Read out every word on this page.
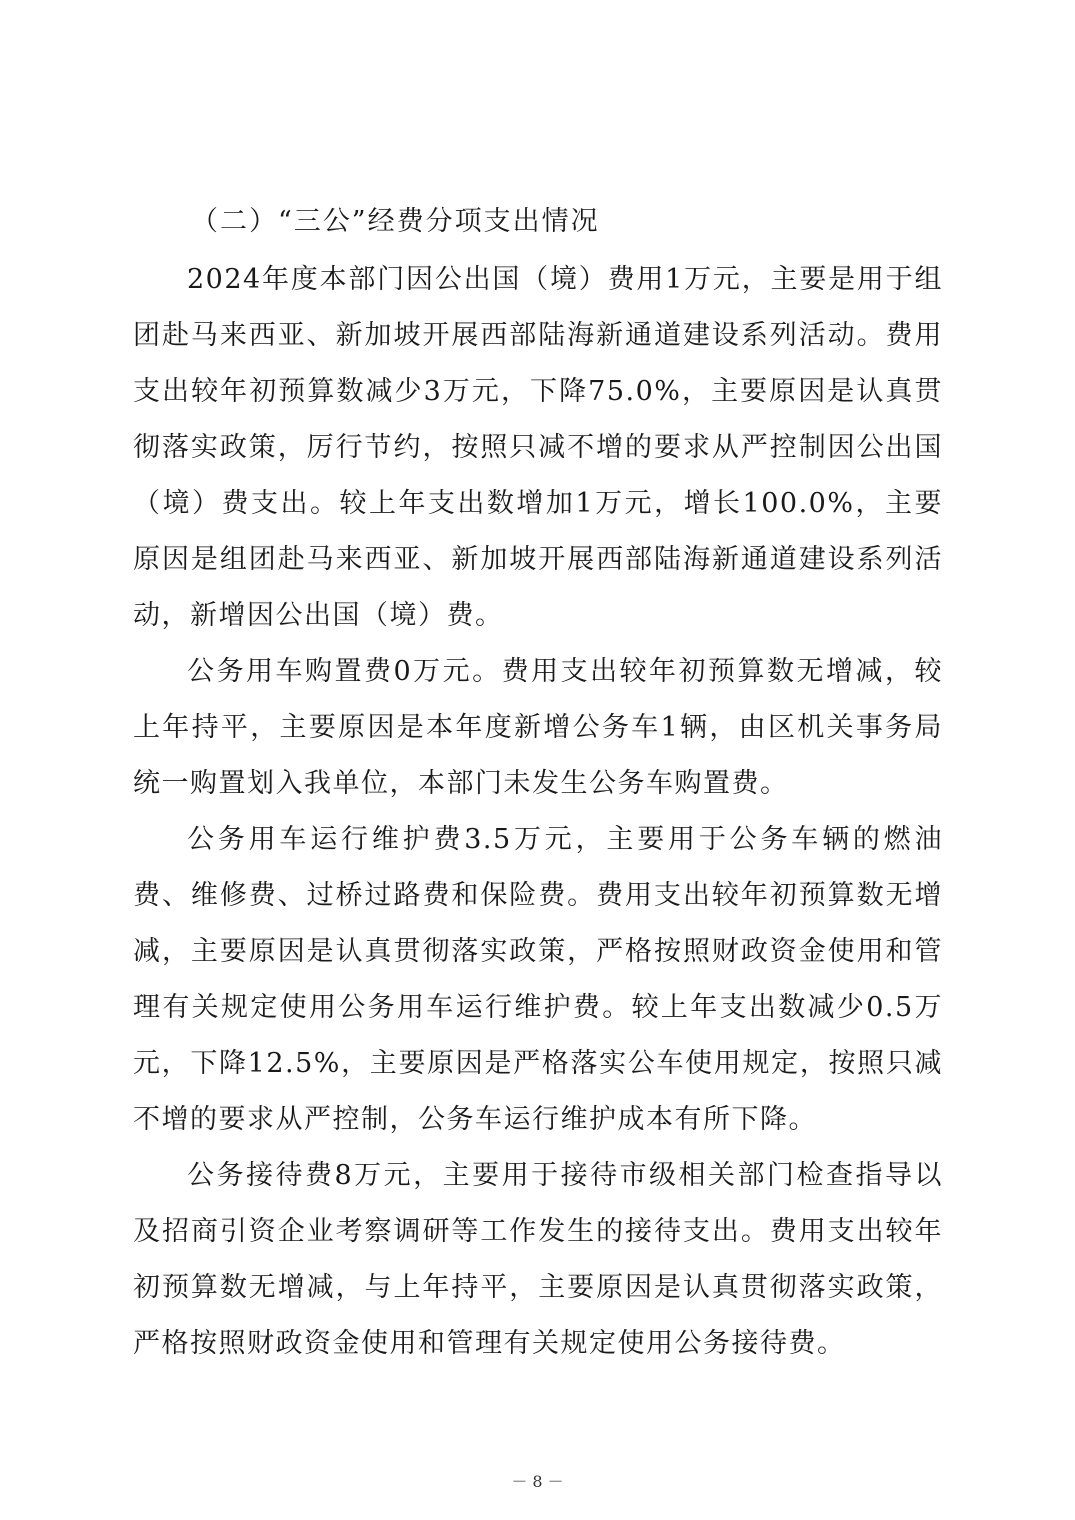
（二）“三公”经费分项支出情况

2024年度本部门因公出国（境）费用1万元，主要是用于组团赴马来西亚、新加坡开展西部陆海新通道建设系列活动。费用支出较年初预算数减少3万元，下降75.0%，主要原因是认真贯彻落实政策，厉行节约，按照只减不增的要求从严控制因公出国（境）费支出。较上年支出数增加1万元，增长100.0%，主要原因是组团赴马来西亚、新加坡开展西部陆海新通道建设系列活动，新增因公出国（境）费。

公务用车购置费0万元。费用支出较年初预算数无增减，较上年持平，主要原因是本年度新增公务车1辆，由区机关事务局统一购置划入我单位，本部门未发生公务车购置费。

公务用车运行维护费3.5万元，主要用于公务车辆的燃油费、维修费、过桥过路费和保险费。费用支出较年初预算数无增减，主要原因是认真贯彻落实政策，严格按照财政资金使用和管理有关规定使用公务用车运行维护费。较上年支出数减少0.5万元，下降12.5%，主要原因是严格落实公车使用规定，按照只减不增的要求从严控制，公务车运行维护成本有所下降。

公务接待费8万元，主要用于接待市级相关部门检查指导以及招商引资企业考察调研等工作发生的接待支出。费用支出较年初预算数无增减，与上年持平，主要原因是认真贯彻落实政策，严格按照财政资金使用和管理有关规定使用公务接待费。

－ 8 －
